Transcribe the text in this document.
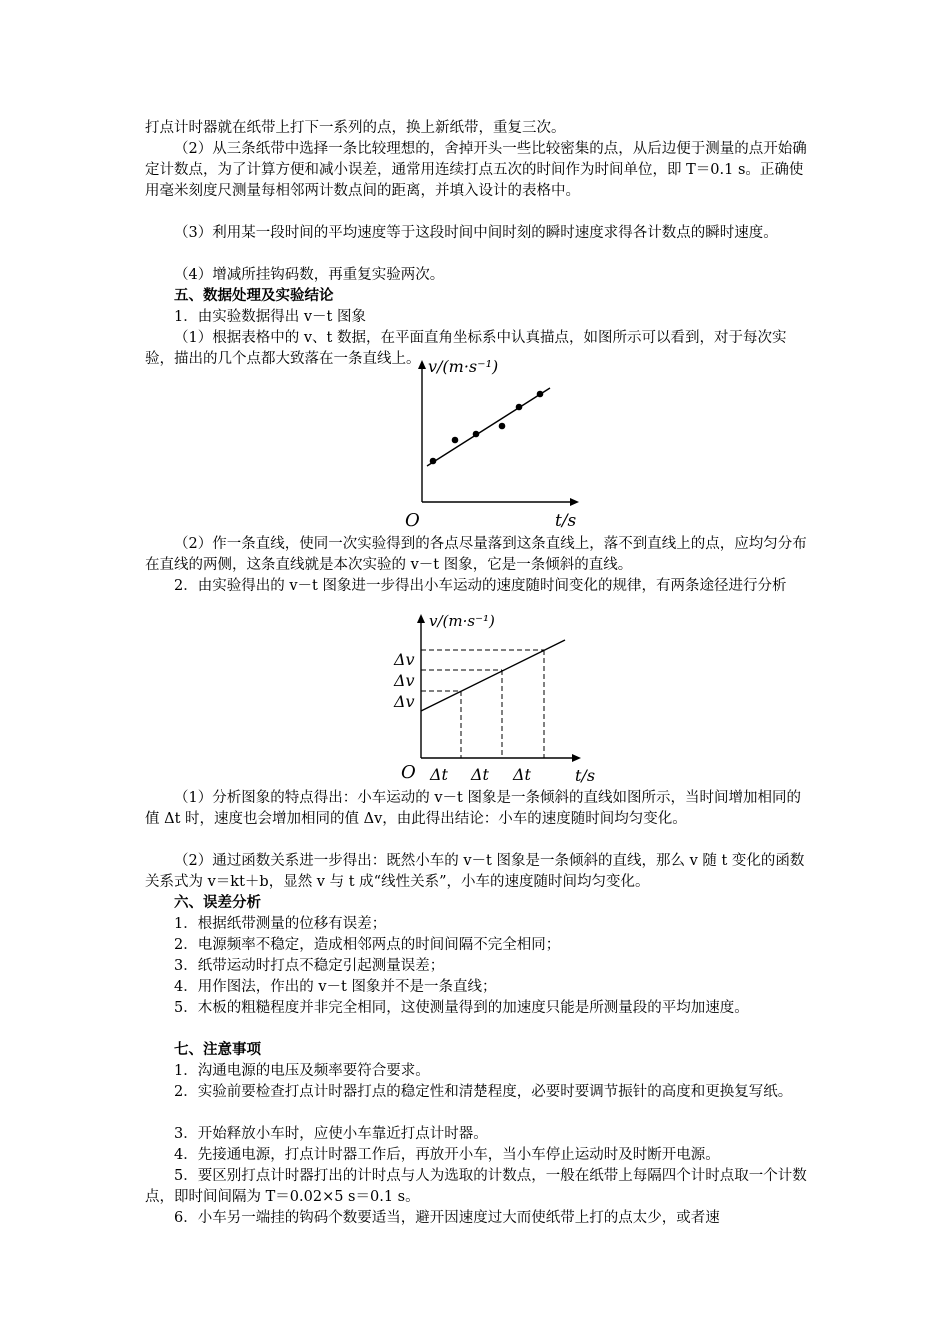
打点计时器就在纸带上打下一系列的点，换上新纸带，重复三次。

（2）从三条纸带中选择一条比较理想的，舍掉开头一些比较密集的点，从后边便于测量的点开始确定计数点，为了计算方便和减小误差，通常用连续打点五次的时间作为时间单位，即 T＝0.1 s。正确使用毫米刻度尺测量每相邻两计数点间的距离，并填入设计的表格中。

（3）利用某一段时间的平均速度等于这段时间中间时刻的瞬时速度求得各计数点的瞬时速度。

（4）增减所挂钩码数，再重复实验两次。

五、数据处理及实验结论

1．由实验数据得出 v－t 图象

（1）根据表格中的 v、t 数据，在平面直角坐标系中认真描点，如图所示可以看到，对于每次实验，描出的几个点都大致落在一条直线上。 v/(m·s⁻¹)
O	t/s

（2）作一条直线，使同一次实验得到的各点尽量落到这条直线上，落不到直线上的点，应均匀分布在直线的两侧，这条直线就是本次实验的 v－t 图象，它是一条倾斜的直线。

2．由实验得出的 v－t 图象进一步得出小车运动的速度随时间变化的规律，有两条途径进行分析

v/(m·s⁻¹)
Δv
Δv
Δv
O Δt Δt Δt	t/s

（1）分析图象的特点得出：小车运动的 v－t 图象是一条倾斜的直线如图所示，当时间增加相同的值 Δt 时，速度也会增加相同的值 Δv，由此得出结论：小车的速度随时间均匀变化。

（2）通过函数关系进一步得出：既然小车的 v－t 图象是一条倾斜的直线，那么 v 随 t 变化的函数关系式为 v＝kt＋b，显然 v 与 t 成“线性关系”，小车的速度随时间均匀变化。

六、误差分析

1．根据纸带测量的位移有误差；

2．电源频率不稳定，造成相邻两点的时间间隔不完全相同；

3．纸带运动时打点不稳定引起测量误差；

4．用作图法，作出的 v－t 图象并不是一条直线；

5．木板的粗糙程度并非完全相同，这使测量得到的加速度只能是所测量段的平均加速度。

七、注意事项

1．沟通电源的电压及频率要符合要求。

2．实验前要检查打点计时器打点的稳定性和清楚程度，必要时要调节振针的高度和更换复写纸。

3．开始释放小车时，应使小车靠近打点计时器。

4．先接通电源，打点计时器工作后，再放开小车，当小车停止运动时及时断开电源。

5．要区别打点计时器打出的计时点与人为选取的计数点，一般在纸带上每隔四个计时点取一个计数点，即时间间隔为 T＝0.02×5 s＝0.1 s。

6．小车另一端挂的钩码个数要适当，避开因速度过大而使纸带上打的点太少，或者速
